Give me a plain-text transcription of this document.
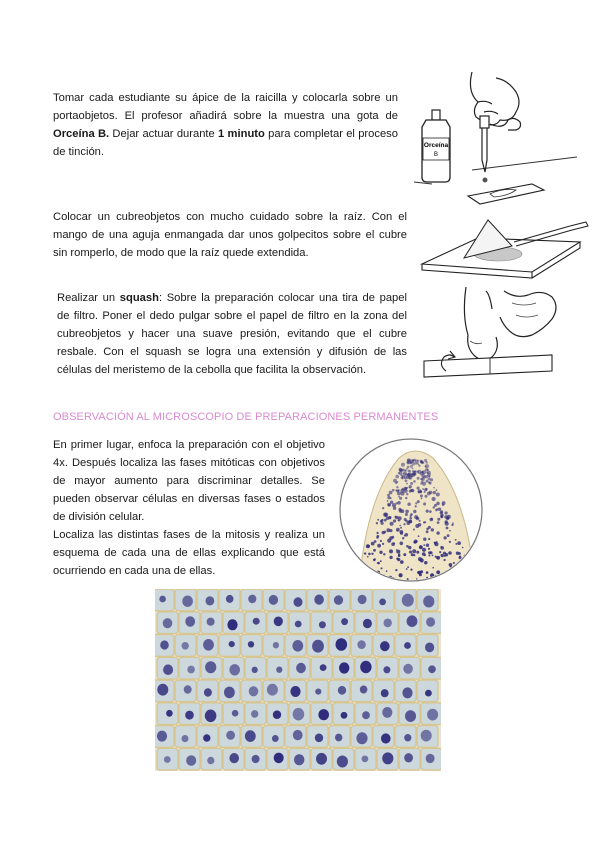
Tomar cada estudiante su ápice de la raicilla y colocarla sobre un portaobjetos. El profesor añadirá sobre la muestra una gota de Orceína B. Dejar actuar durante 1 minuto para completar el proceso de tinción.
Orceína
B
Colocar un cubreobjetos con mucho cuidado sobre la raíz. Con el mango de una aguja enmangada dar unos golpecitos sobre el cubre sin romperlo, de modo que la raíz quede extendida.
Realizar un squash: Sobre la preparación colocar una tira de papel de filtro. Poner el dedo pulgar sobre el papel de filtro en la zona del cubreobjetos y hacer una suave presión, evitando que el cubre resbale. Con el squash se logra una extensión y difusión de las células del meristemo de la cebolla que facilita la observación.
OBSERVACIÓN AL MICROSCOPIO DE PREPARACIONES PERMANENTES
En primer lugar, enfoca la preparación con el objetivo 4x. Después localiza las fases mitóticas con objetivos de mayor aumento para discriminar detalles. Se pueden observar células en diversas fases o estados de división celular.
Localiza las distintas fases de la mitosis y realiza un esquema de cada una de ellas explicando que está ocurriendo en cada una de ellas.
